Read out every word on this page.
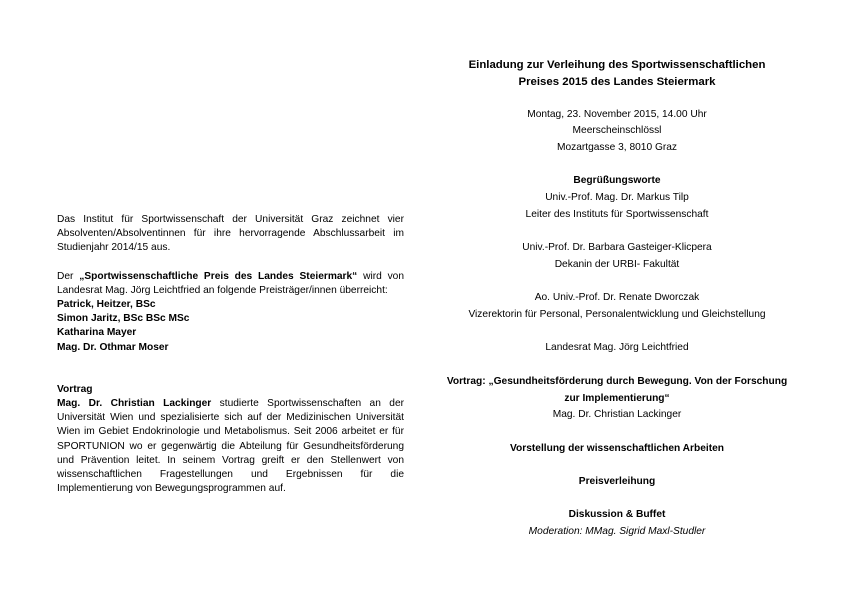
Das Institut für Sportwissenschaft der Universität Graz zeichnet vier Absolventen/Absolventinnen für ihre hervorragende Abschlussarbeit im Studienjahr 2014/15 aus.

Der „Sportwissenschaftliche Preis des Landes Steiermark“ wird von Landesrat Mag. Jörg Leichtfried an folgende Preisträger/innen überreicht:

Patrick, Heitzer, BSc

Simon Jaritz, BSc BSc MSc

Katharina Mayer

Mag. Dr. Othmar Moser

Vortrag

Mag. Dr. Christian Lackinger studierte Sportwissenschaften an der Universität Wien und spezialisierte sich auf der Medizinischen Universität Wien im Gebiet Endokrinologie und Metabolismus. Seit 2006 arbeitet er für SPORTUNION wo er gegenwärtig die Abteilung für Gesundheitsförderung und Prävention leitet. In seinem Vortrag greift er den Stellenwert von wissenschaftlichen Fragestellungen und Ergebnissen für die Implementierung von Bewegungsprogrammen auf.

Einladung zur Verleihung des Sportwissenschaftlichen
Preises 2015 des Landes Steiermark
Montag, 23. November 2015, 14.00 Uhr
Meerscheinschlössl
Mozartgasse 3, 8010 Graz
Begrüßungsworte
Univ.-Prof. Mag. Dr. Markus Tilp
Leiter des Instituts für Sportwissenschaft
Univ.-Prof. Dr. Barbara Gasteiger-Klicpera
Dekanin der URBI- Fakultät
Ao. Univ.-Prof. Dr. Renate Dworczak
Vizerektorin für Personal, Personalentwicklung und Gleichstellung
Landesrat Mag. Jörg Leichtfried
Vortrag: „Gesundheitsförderung durch Bewegung. Von der Forschung
zur Implementierung“
Mag. Dr. Christian Lackinger
Vorstellung der wissenschaftlichen Arbeiten
Preisverleihung
Diskussion & Buffet
Moderation: MMag. Sigrid Maxl-Studler
